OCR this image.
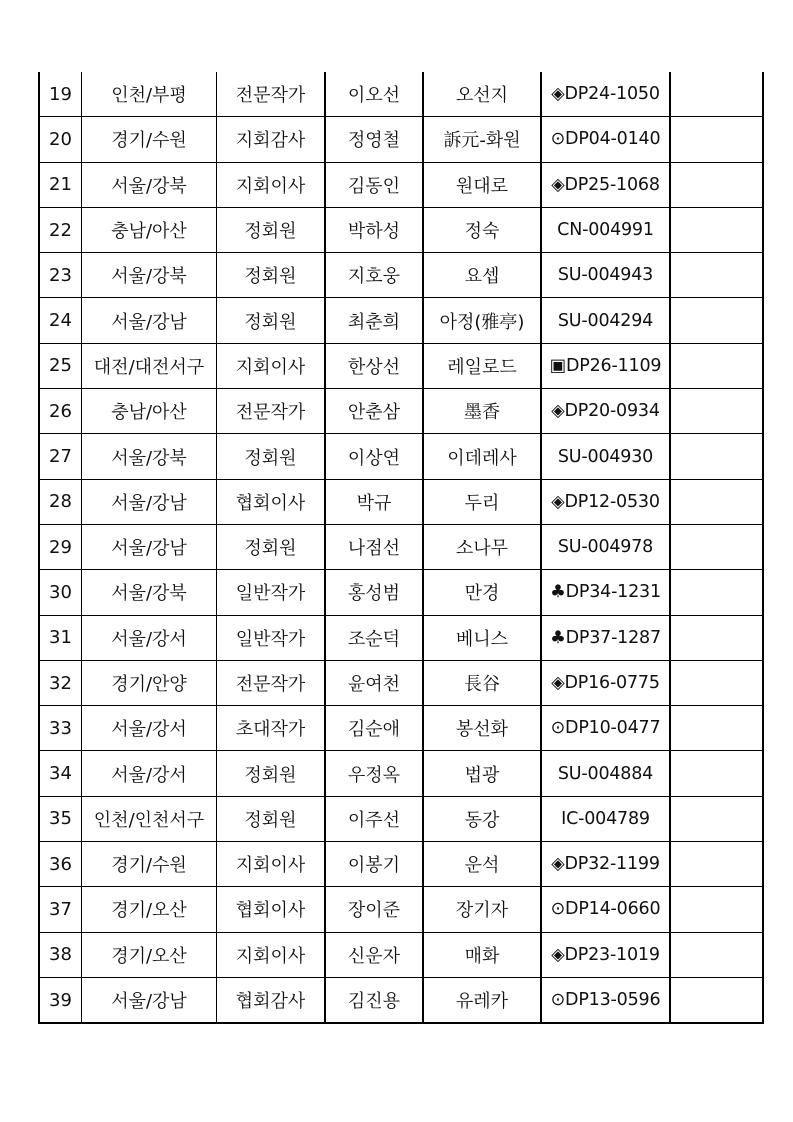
19	인천/부평	전문작가	이오선	오선지	◈DP24-1050	
20	경기/수원	지회감사	정영철	訴元-화원	⊙DP04-0140	
21	서울/강북	지회이사	김동인	원대로	◈DP25-1068	
22	충남/아산	정회원	박하성	정숙	CN-004991	
23	서울/강북	정회원	지호웅	요셉	SU-004943	
24	서울/강남	정회원	최춘희	아정(雅亭)	SU-004294	
25	대전/대전서구	지회이사	한상선	레일로드	▣DP26-1109	
26	충남/아산	전문작가	안춘삼	墨香	◈DP20-0934	
27	서울/강북	정회원	이상연	이데레사	SU-004930	
28	서울/강남	협회이사	박규	두리	◈DP12-0530	
29	서울/강남	정회원	나점선	소나무	SU-004978	
30	서울/강북	일반작가	홍성범	만경	♣DP34-1231	
31	서울/강서	일반작가	조순덕	베니스	♣DP37-1287	
32	경기/안양	전문작가	윤여천	長谷	◈DP16-0775	
33	서울/강서	초대작가	김순애	봉선화	⊙DP10-0477	
34	서울/강서	정회원	우정옥	법광	SU-004884	
35	인천/인천서구	정회원	이주선	동강	IC-004789	
36	경기/수원	지회이사	이봉기	운석	◈DP32-1199	
37	경기/오산	협회이사	장이준	장기자	⊙DP14-0660	
38	경기/오산	지회이사	신운자	매화	◈DP23-1019	
39	서울/강남	협회감사	김진용	유레카	⊙DP13-0596	
